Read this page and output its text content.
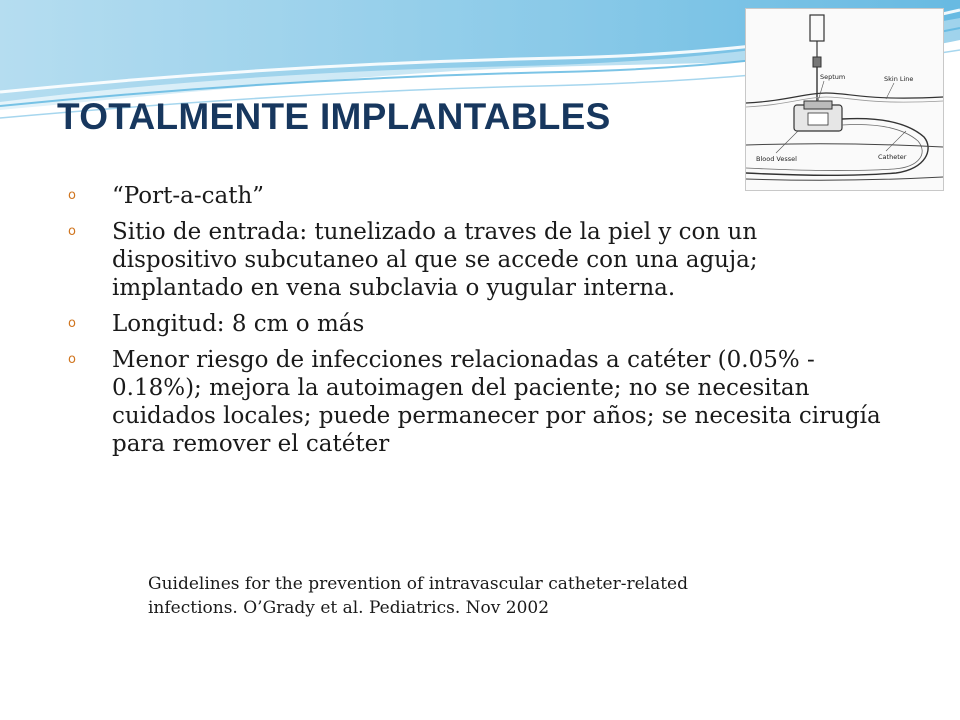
TOTALMENTE IMPLANTABLES
Septum	Skin Line
Blood Vessel	Catheter
o “Port-a-cath”
o Sitio de entrada: tunelizado a traves de la piel y con un dispositivo subcutaneo al que se accede con una aguja; implantado en vena subclavia o yugular interna.
o Longitud: 8 cm o más
o Menor riesgo de infecciones relacionadas a catéter (0.05% - 0.18%); mejora la autoimagen del paciente; no se necesitan cuidados locales; puede permanecer por años; se necesita cirugía para remover el catéter
Guidelines for the prevention of intravascular catheter-related
infections. O’Grady et al. Pediatrics. Nov 2002
